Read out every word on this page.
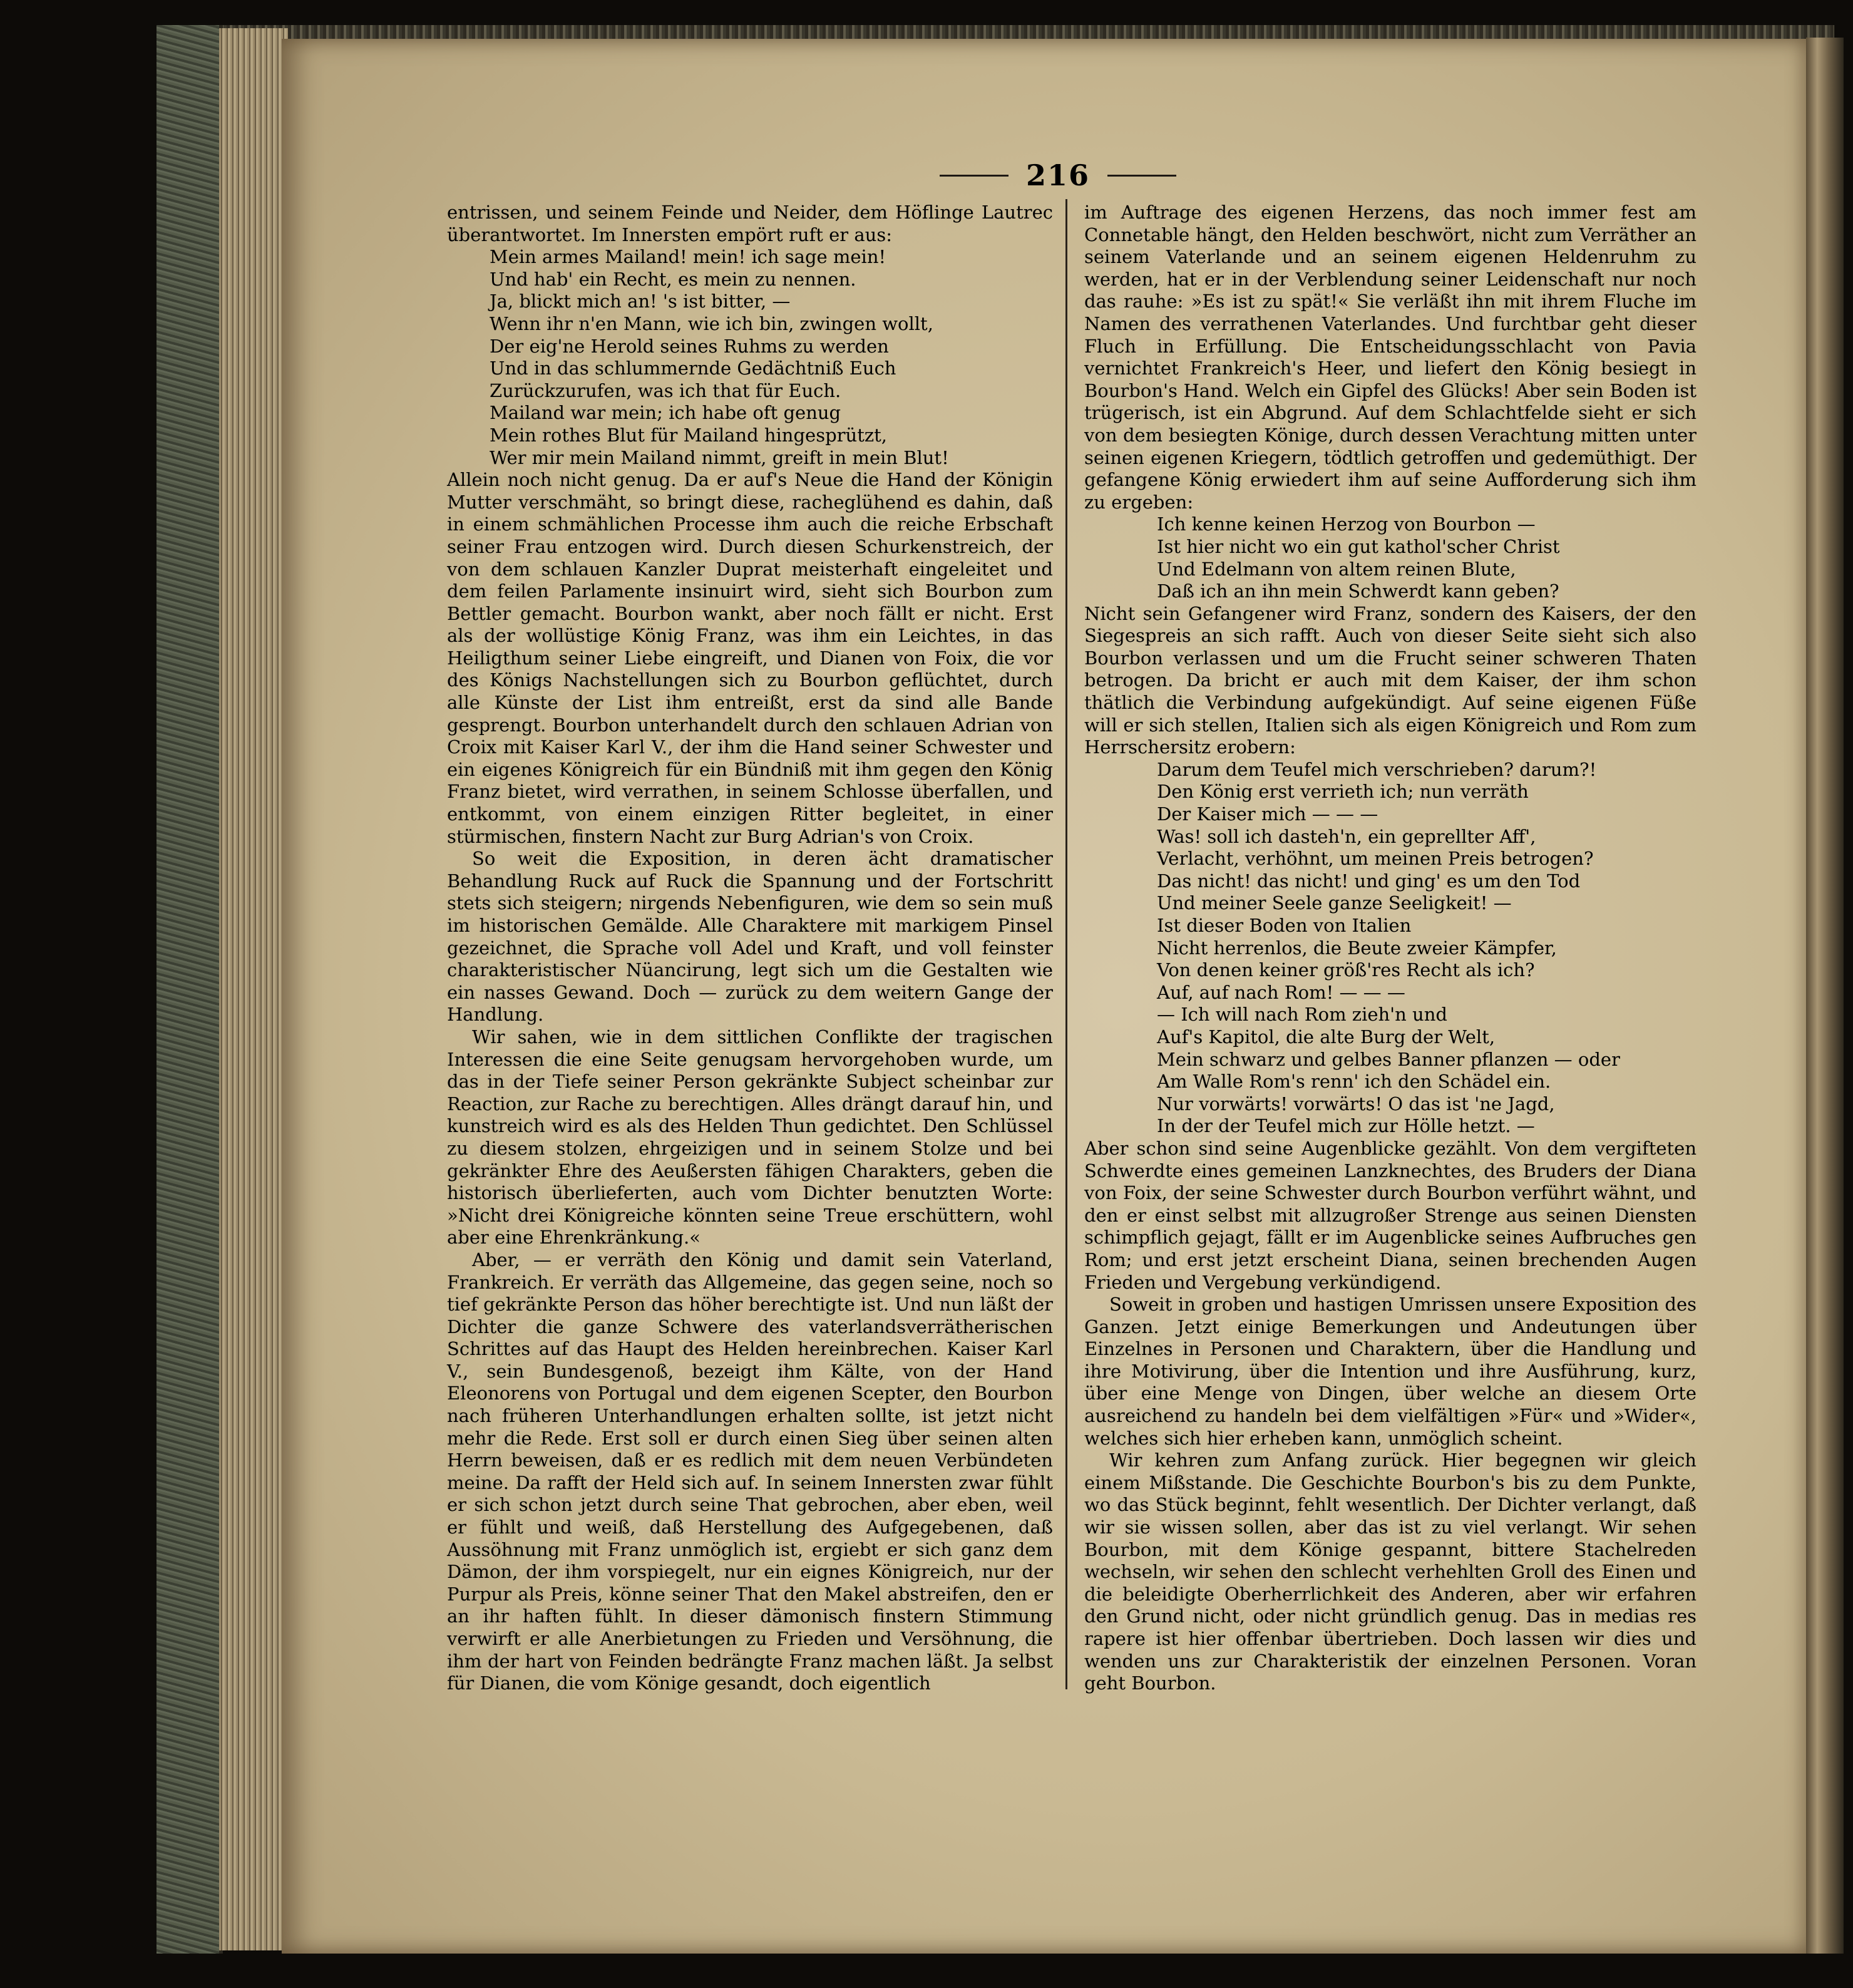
216

entrissen, und seinem Feinde und Neider, dem Höflinge Lautrec überantwortet. Im Innersten empört ruft er aus:

Mein armes Mailand! mein! ich sage mein!
Und hab' ein Recht, es mein zu nennen.
Ja, blickt mich an! 's ist bitter, —
Wenn ihr n'en Mann, wie ich bin, zwingen wollt,
Der eig'ne Herold seines Ruhms zu werden
Und in das schlummernde Gedächtniß Euch
Zurückzurufen, was ich that für Euch.
Mailand war mein; ich habe oft genug
Mein rothes Blut für Mailand hingesprützt,
Wer mir mein Mailand nimmt, greift in mein Blut!

Allein noch nicht genug. Da er auf's Neue die Hand der Königin Mutter verschmäht, so bringt diese, racheglühend es dahin, daß in einem schmählichen Processe ihm auch die reiche Erbschaft seiner Frau entzogen wird. Durch diesen Schurkenstreich, der von dem schlauen Kanzler Duprat meisterhaft eingeleitet und dem feilen Parlamente insinuirt wird, sieht sich Bourbon zum Bettler gemacht. Bourbon wankt, aber noch fällt er nicht. Erst als der wollüstige König Franz, was ihm ein Leichtes, in das Heiligthum seiner Liebe eingreift, und Dianen von Foix, die vor des Königs Nachstellungen sich zu Bourbon geflüchtet, durch alle Künste der List ihm entreißt, erst da sind alle Bande gesprengt. Bourbon unterhandelt durch den schlauen Adrian von Croix mit Kaiser Karl V., der ihm die Hand seiner Schwester und ein eigenes Königreich für ein Bündniß mit ihm gegen den König Franz bietet, wird verrathen, in seinem Schlosse überfallen, und entkommt, von einem einzigen Ritter begleitet, in einer stürmischen, finstern Nacht zur Burg Adrian's von Croix.

So weit die Exposition, in deren ächt dramatischer Behandlung Ruck auf Ruck die Spannung und der Fortschritt stets sich steigern; nirgends Nebenfiguren, wie dem so sein muß im historischen Gemälde. Alle Charaktere mit markigem Pinsel gezeichnet, die Sprache voll Adel und Kraft, und voll feinster charakteristischer Nüancirung, legt sich um die Gestalten wie ein nasses Gewand. Doch — zurück zu dem weitern Gange der Handlung.

Wir sahen, wie in dem sittlichen Conflikte der tragischen Interessen die eine Seite genugsam hervorgehoben wurde, um das in der Tiefe seiner Person gekränkte Subject scheinbar zur Reaction, zur Rache zu berechtigen. Alles drängt darauf hin, und kunstreich wird es als des Helden Thun gedichtet. Den Schlüssel zu diesem stolzen, ehrgeizigen und in seinem Stolze und bei gekränkter Ehre des Aeußersten fähigen Charakters, geben die historisch überlieferten, auch vom Dichter benutzten Worte: »Nicht drei Königreiche könnten seine Treue erschüttern, wohl aber eine Ehrenkränkung.«

Aber, — er verräth den König und damit sein Vaterland, Frankreich. Er verräth das Allgemeine, das gegen seine, noch so tief gekränkte Person das höher berechtigte ist. Und nun läßt der Dichter die ganze Schwere des vaterlandsverrätherischen Schrittes auf das Haupt des Helden hereinbrechen. Kaiser Karl V., sein Bundesgenoß, bezeigt ihm Kälte, von der Hand Eleonorens von Portugal und dem eigenen Scepter, den Bourbon nach früheren Unterhandlungen erhalten sollte, ist jetzt nicht mehr die Rede. Erst soll er durch einen Sieg über seinen alten Herrn beweisen, daß er es redlich mit dem neuen Verbündeten meine. Da rafft der Held sich auf. In seinem Innersten zwar fühlt er sich schon jetzt durch seine That gebrochen, aber eben, weil er fühlt und weiß, daß Herstellung des Aufgegebenen, daß Aussöhnung mit Franz unmöglich ist, ergiebt er sich ganz dem Dämon, der ihm vorspiegelt, nur ein eignes Königreich, nur der Purpur als Preis, könne seiner That den Makel abstreifen, den er an ihr haften fühlt. In dieser dämonisch finstern Stimmung verwirft er alle Anerbietungen zu Frieden und Versöhnung, die ihm der hart von Feinden bedrängte Franz machen läßt. Ja selbst für Dianen, die vom Könige gesandt, doch eigentlich

im Auftrage des eigenen Herzens, das noch immer fest am Connetable hängt, den Helden beschwört, nicht zum Verräther an seinem Vaterlande und an seinem eigenen Heldenruhm zu werden, hat er in der Verblendung seiner Leidenschaft nur noch das rauhe: »Es ist zu spät!« Sie verläßt ihn mit ihrem Fluche im Namen des verrathenen Vaterlandes. Und furchtbar geht dieser Fluch in Erfüllung. Die Entscheidungsschlacht von Pavia vernichtet Frankreich's Heer, und liefert den König besiegt in Bourbon's Hand. Welch ein Gipfel des Glücks! Aber sein Boden ist trügerisch, ist ein Abgrund. Auf dem Schlachtfelde sieht er sich von dem besiegten Könige, durch dessen Verachtung mitten unter seinen eigenen Kriegern, tödtlich getroffen und gedemüthigt. Der gefangene König erwiedert ihm auf seine Aufforderung sich ihm zu ergeben:

Ich kenne keinen Herzog von Bourbon —
Ist hier nicht wo ein gut kathol'scher Christ
Und Edelmann von altem reinen Blute,
Daß ich an ihn mein Schwerdt kann geben?

Nicht sein Gefangener wird Franz, sondern des Kaisers, der den Siegespreis an sich rafft. Auch von dieser Seite sieht sich also Bourbon verlassen und um die Frucht seiner schweren Thaten betrogen. Da bricht er auch mit dem Kaiser, der ihm schon thätlich die Verbindung aufgekündigt. Auf seine eigenen Füße will er sich stellen, Italien sich als eigen Königreich und Rom zum Herrschersitz erobern:

Darum dem Teufel mich verschrieben? darum?!
Den König erst verrieth ich; nun verräth
Der Kaiser mich — — —
Was! soll ich dasteh'n, ein geprellter Aff',
Verlacht, verhöhnt, um meinen Preis betrogen?
Das nicht! das nicht! und ging' es um den Tod
Und meiner Seele ganze Seeligkeit! —
Ist dieser Boden von Italien
Nicht herrenlos, die Beute zweier Kämpfer,
Von denen keiner größ'res Recht als ich?
Auf, auf nach Rom! — — —
— Ich will nach Rom zieh'n und
Auf's Kapitol, die alte Burg der Welt,
Mein schwarz und gelbes Banner pflanzen — oder
Am Walle Rom's renn' ich den Schädel ein.
Nur vorwärts! vorwärts! O das ist 'ne Jagd,
In der der Teufel mich zur Hölle hetzt. —

Aber schon sind seine Augenblicke gezählt. Von dem vergifteten Schwerdte eines gemeinen Lanzknechtes, des Bruders der Diana von Foix, der seine Schwester durch Bourbon verführt wähnt, und den er einst selbst mit allzugroßer Strenge aus seinen Diensten schimpflich gejagt, fällt er im Augenblicke seines Aufbruches gen Rom; und erst jetzt erscheint Diana, seinen brechenden Augen Frieden und Vergebung verkündigend.

Soweit in groben und hastigen Umrissen unsere Exposition des Ganzen. Jetzt einige Bemerkungen und Andeutungen über Einzelnes in Personen und Charaktern, über die Handlung und ihre Motivirung, über die Intention und ihre Ausführung, kurz, über eine Menge von Dingen, über welche an diesem Orte ausreichend zu handeln bei dem vielfältigen »Für« und »Wider«, welches sich hier erheben kann, unmöglich scheint.

Wir kehren zum Anfang zurück. Hier begegnen wir gleich einem Mißstande. Die Geschichte Bourbon's bis zu dem Punkte, wo das Stück beginnt, fehlt wesentlich. Der Dichter verlangt, daß wir sie wissen sollen, aber das ist zu viel verlangt. Wir sehen Bourbon, mit dem Könige gespannt, bittere Stachelreden wechseln, wir sehen den schlecht verhehlten Groll des Einen und die beleidigte Oberherrlichkeit des Anderen, aber wir erfahren den Grund nicht, oder nicht gründlich genug. Das in medias res rapere ist hier offenbar übertrieben. Doch lassen wir dies und wenden uns zur Charakteristik der einzelnen Personen. Voran geht Bourbon.
